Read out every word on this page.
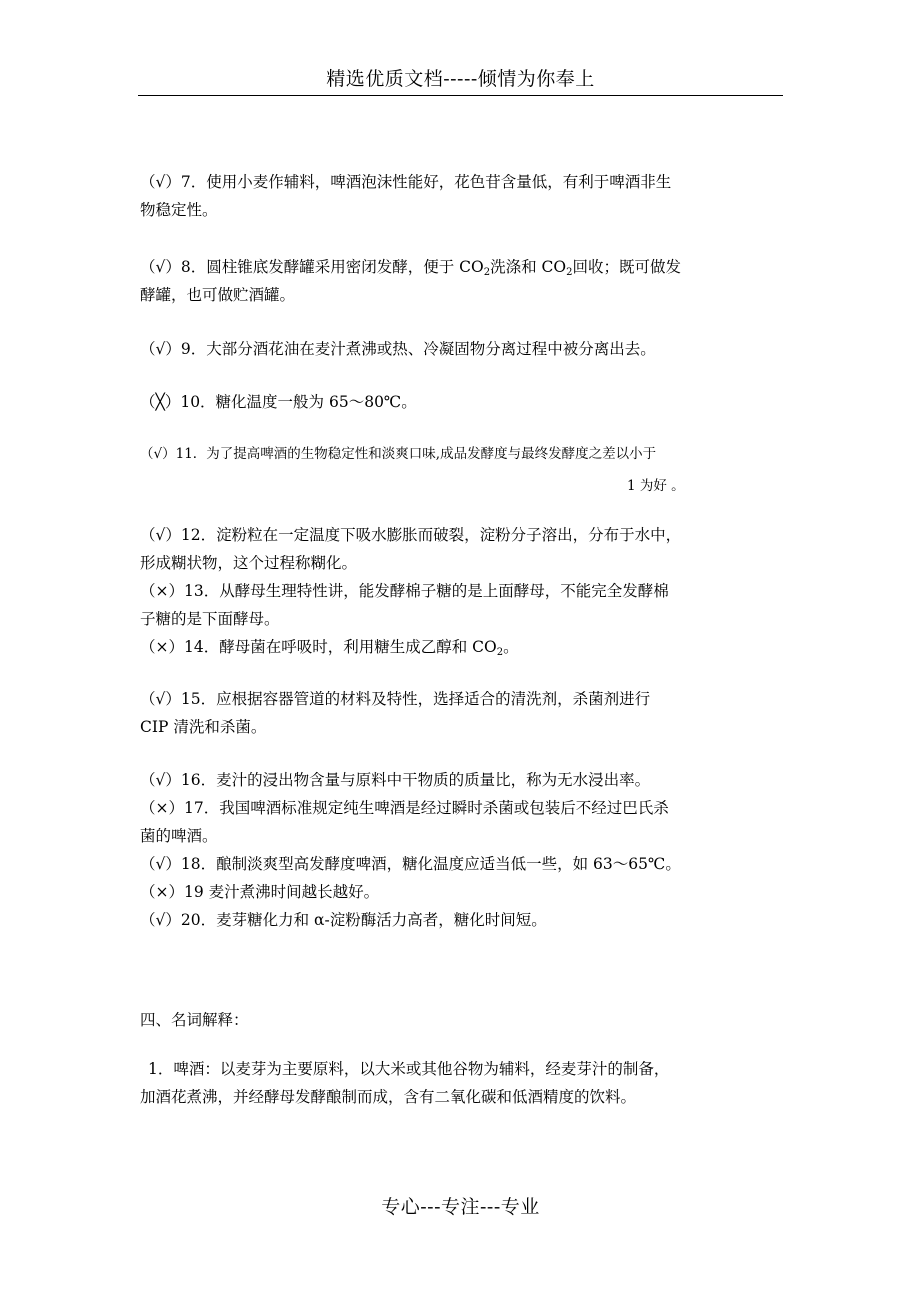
精选优质文档-----倾情为你奉上
（√）7．使用小麦作辅料，啤酒泡沫性能好，花色苷含量低，有利于啤酒非生
物稳定性。
（√）8．圆柱锥底发酵罐采用密闭发酵，便于 $CO_2$洗涤和 $CO_2$回收；既可做发
酵罐，也可做贮酒罐。
（√）9．大部分酒花油在麦汁煮沸或热、冷凝固物分离过程中被分离出去。
（╳）10．糖化温度一般为 65～80℃。
（√）11．为了提高啤酒的生物稳定性和淡爽口味,成品发酵度与最终发酵度之差以小于
1 为好 。
（√）12．淀粉粒在一定温度下吸水膨胀而破裂，淀粉分子溶出，分布于水中，
形成糊状物，这个过程称糊化。
（×）13．从酵母生理特性讲，能发酵棉子糖的是上面酵母，不能完全发酵棉
子糖的是下面酵母。
（×）14．酵母菌在呼吸时，利用糖生成乙醇和 $CO_2$。
（√）15．应根据容器管道的材料及特性，选择适合的清洗剂，杀菌剂进行
CIP 清洗和杀菌。
（√）16．麦汁的浸出物含量与原料中干物质的质量比，称为无水浸出率。
（×）17．我国啤酒标准规定纯生啤酒是经过瞬时杀菌或包装后不经过巴氏杀
菌的啤酒。
（√）18．酿制淡爽型高发酵度啤酒，糖化温度应适当低一些，如 63～65℃。
（×）19 麦汁煮沸时间越长越好。
（√）20．麦芽糖化力和 α-淀粉酶活力高者，糖化时间短。
四、名词解释：
1．啤酒：以麦芽为主要原料，以大米或其他谷物为辅料，经麦芽汁的制备，
加酒花煮沸，并经酵母发酵酿制而成，含有二氧化碳和低酒精度的饮料。
专心---专注---专业
